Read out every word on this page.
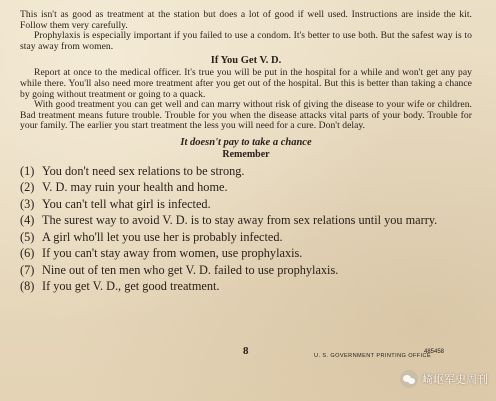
This isn't as good as treatment at the station but does a lot of good if well used. Instructions are inside the kit. Follow them very carefully.

Prophylaxis is especially important if you failed to use a condom. It's better to use both. But the safest way is to stay away from women.

If You Get V. D.

Report at once to the medical officer. It's true you will be put in the hospital for a while and won't get any pay while there. You'll also need more treatment after you get out of the hospital. But this is better than taking a chance by going without treatment or going to a quack.

With good treatment you can get well and can marry without risk of giving the disease to your wife or children. Bad treatment means future trouble. Trouble for you when the disease attacks vital parts of your body. Trouble for your family. The earlier you start treatment the less you will need for a cure. Don't delay.

It doesn't pay to take a chance
Remember
(1) You don't need sex relations to be strong.
(2) V. D. may ruin your health and home.
(3) You can't tell what girl is infected.
(4) The surest way to avoid V. D. is to stay away from sex relations until you marry.
(5) A girl who'll let you use her is probably infected.
(6) If you can't stay away from women, use prophylaxis.
(7) Nine out of ten men who get V. D. failed to use prophylaxis.
(8) If you get V. D., get good treatment.
8	U. S. GOVERNMENT PRINTING OFFICE
485458
崎岖军史周刊
